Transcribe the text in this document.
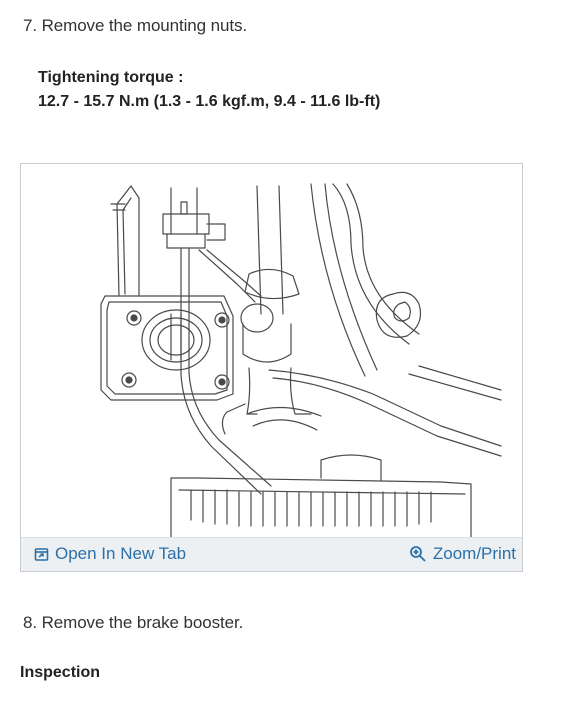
7. Remove the mounting nuts.
Tightening torque :
12.7 - 15.7 N.m (1.3 - 1.6 kgf.m, 9.4 - 11.6 lb-ft)
Open In New Tab	Zoom/Print
8. Remove the brake booster.
Inspection
